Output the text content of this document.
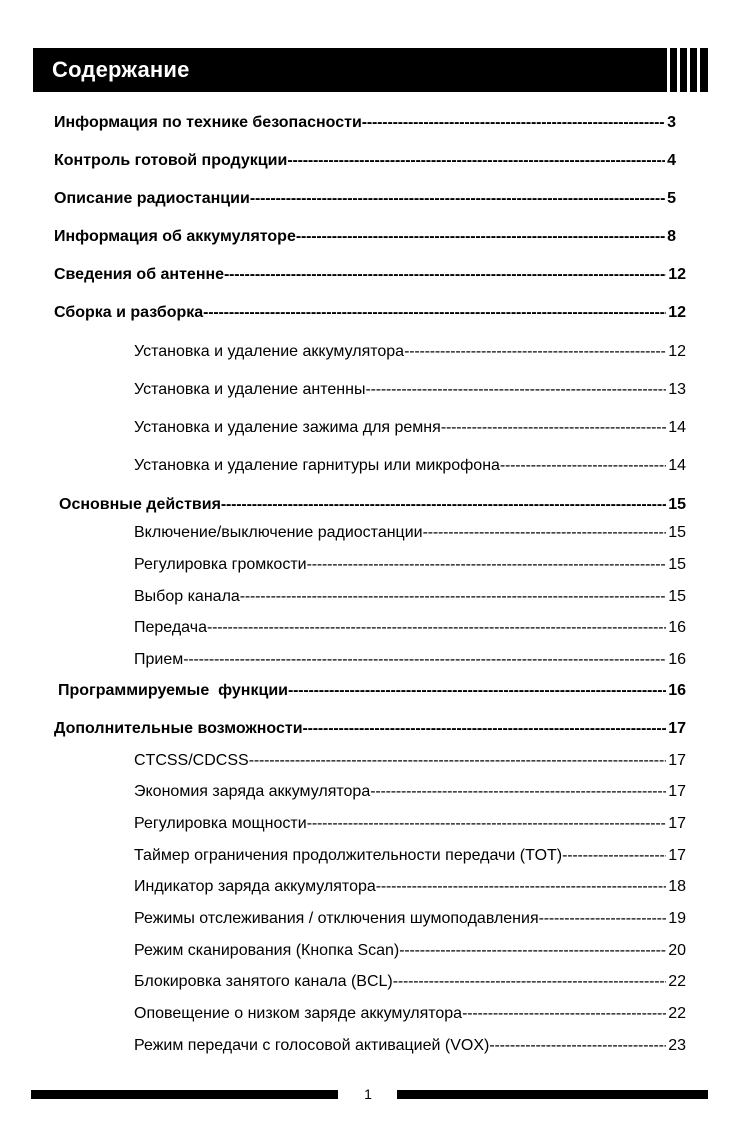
Содержание
Информация по технике безопасности -----	3
Контроль готовой продукции -----	4
Описание радиостанции -----	5
Информация об аккумуляторе -----	8
Сведения об антенне -----	12
Сборка и разборка -----	12
Установка и удаление аккумулятора -----	12
Установка и удаление антенны -----	13
Установка и удаление зажима для ремня -----	14
Установка и удаление гарнитуры или микрофона -----	14
Основные действия -----	15
Включение/выключение радиостанции -----	15
Регулировка громкости -----	15
Выбор канала -----	15
Передача -----	16
Прием -----	16
Программируемые  функции -----	16
Дополнительные возможности -----	17
CTCSS/CDCSS -----	17
Экономия заряда аккумулятора -----	17
Регулировка мощности -----	17
Таймер ограничения продолжительности передачи (TOT) -----	17
Индикатор заряда аккумулятора -----	18
Режимы отслеживания / отключения шумоподавления -----	19
Режим сканирования (Кнопка Scan) -----	20
Блокировка занятого канала (BCL) -----	22
Оповещение о низком заряде аккумулятора -----	22
Режим передачи с голосовой активацией (VOX) -----	23
1
